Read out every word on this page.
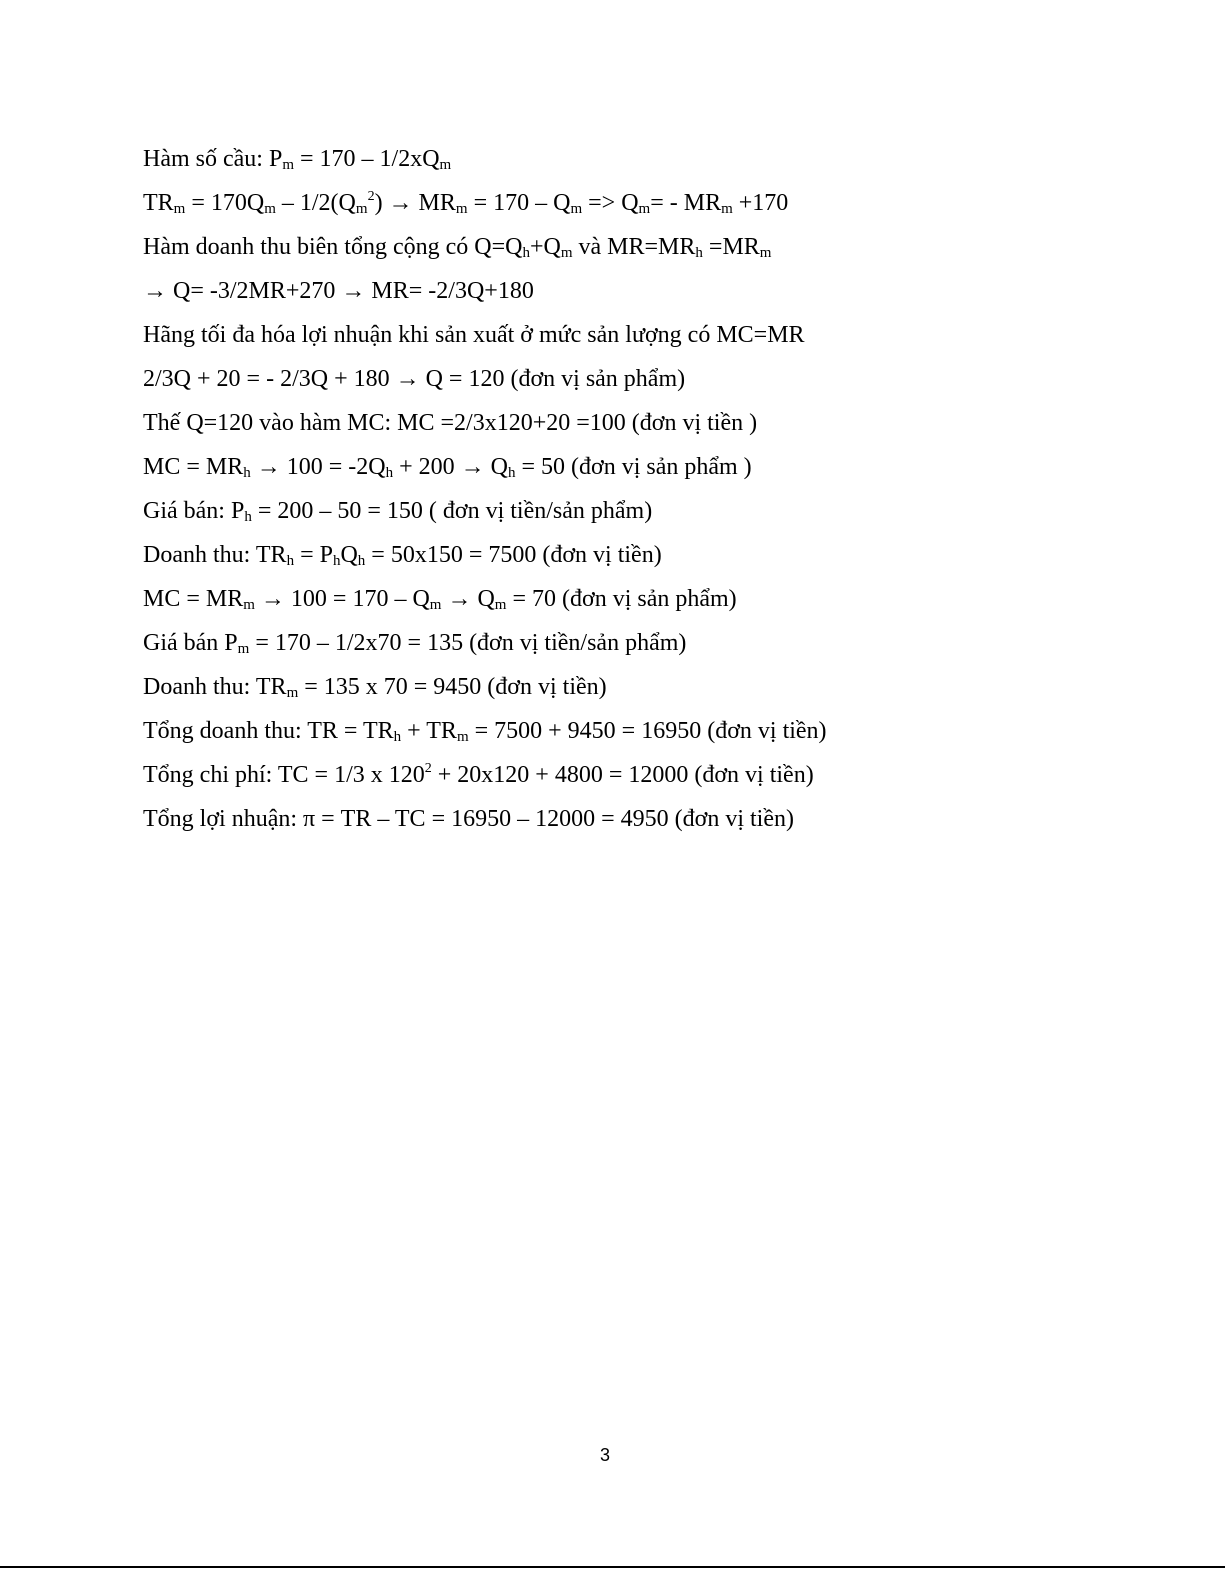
Hàm số cầu: $P_m = 170 - 1/2xQ_m$
$TR_m = 170Q_m - 1/2(Q_m^2) \to MR_m = 170 - Q_m => Q_m= - MR_m +170$
Hàm doanh thu biên tổng cộng có $Q=Q_h+Q_m$ và $MR=MR_h =MR_m$
→ Q= -3/2MR+270 → MR= -2/3Q+180
Hãng tối đa hóa lợi nhuận khi sản xuất ở mức sản lượng có MC=MR
2/3Q + 20 = - 2/3Q + 180 → Q = 120 (đơn vị sản phẩm)
Thế Q=120 vào hàm MC: MC =2/3x120+20 =100 (đơn vị tiền )
MC = $MR_h \to 100 = -2Q_h + 200 \to Q_h = 50$ (đơn vị sản phẩm )
Giá bán: $P_h = 200 - 50 = 150$ ( đơn vị tiền/sản phẩm)
Doanh thu: $TR_h = P_hQ_h = 50x150 = 7500$ (đơn vị tiền)
MC = $MR_m \to 100 = 170 - Q_m \to Q_m = 70$ (đơn vị sản phẩm)
Giá bán $P_m = 170 - 1/2x70 = 135$ (đơn vị tiền/sản phẩm)
Doanh thu: $TR_m = 135$ x 70 = 9450 (đơn vị tiền)
Tổng doanh thu: TR = $TR_h + TR_m = 7500 + 9450 = 16950$ (đơn vị tiền)
Tổng chi phí: TC = 1/3 x $120^2 + 20x120 + 4800 = 12000$ (đơn vị tiền)
Tổng lợi nhuận: π = TR – TC = 16950 – 12000 = 4950 (đơn vị tiền)
3
